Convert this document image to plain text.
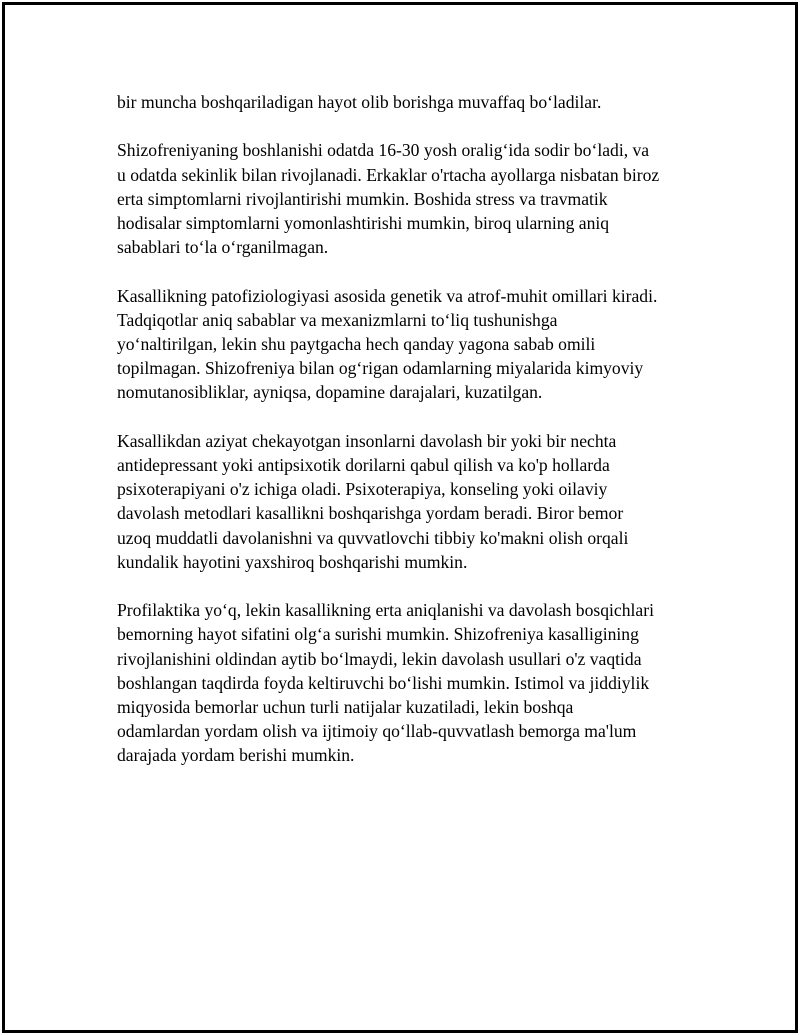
bir muncha boshqariladigan hayot olib borishga muvaffaq bo‘ladilar.

Shizofreniyaning boshlanishi odatda 16-30 yosh oralig‘ida sodir bo‘ladi, va
u odatda sekinlik bilan rivojlanadi. Erkaklar o'rtacha ayollarga nisbatan biroz
erta simptomlarni rivojlantirishi mumkin. Boshida stress va travmatik
hodisalar simptomlarni yomonlashtirishi mumkin, biroq ularning aniq
sabablari to‘la o‘rganilmagan.

Kasallikning patofiziologiyasi asosida genetik va atrof-muhit omillari kiradi.
Tadqiqotlar aniq sabablar va mexanizmlarni to‘liq tushunishga
yo‘naltirilgan, lekin shu paytgacha hech qanday yagona sabab omili
topilmagan. Shizofreniya bilan og‘rigan odamlarning miyalarida kimyoviy
nomutanosibliklar, ayniqsa, dopamine darajalari, kuzatilgan.

Kasallikdan aziyat chekayotgan insonlarni davolash bir yoki bir nechta
antidepressant yoki antipsixotik dorilarni qabul qilish va ko'p hollarda
psixoterapiyani o'z ichiga oladi. Psixoterapiya, konseling yoki oilaviy
davolash metodlari kasallikni boshqarishga yordam beradi. Biror bemor
uzoq muddatli davolanishni va quvvatlovchi tibbiy ko'makni olish orqali
kundalik hayotini yaxshiroq boshqarishi mumkin.

Profilaktika yo‘q, lekin kasallikning erta aniqlanishi va davolash bosqichlari
bemorning hayot sifatini olg‘a surishi mumkin. Shizofreniya kasalligining
rivojlanishini oldindan aytib bo‘lmaydi, lekin davolash usullari o'z vaqtida
boshlangan taqdirda foyda keltiruvchi bo‘lishi mumkin. Istimol va jiddiylik
miqyosida bemorlar uchun turli natijalar kuzatiladi, lekin boshqa
odamlardan yordam olish va ijtimoiy qo‘llab-quvvatlash bemorga ma'lum
darajada yordam berishi mumkin.
